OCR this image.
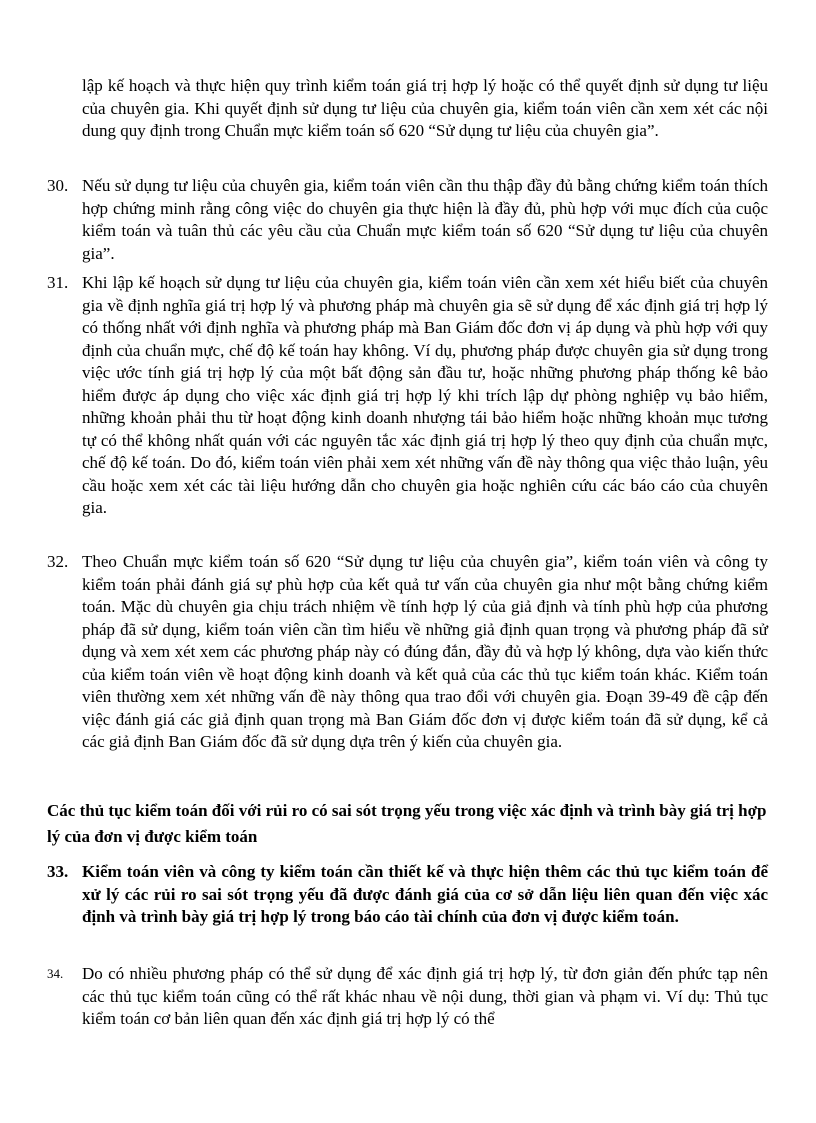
lập kế hoạch và thực hiện quy trình kiểm toán giá trị hợp lý hoặc có thể quyết định sử dụng tư liệu của chuyên gia. Khi quyết định sử dụng tư liệu của chuyên gia, kiểm toán viên cần xem xét các nội dung quy định trong Chuẩn mực kiểm toán số 620 “Sử dụng tư liệu của chuyên gia”.
30. Nếu sử dụng tư liệu của chuyên gia, kiểm toán viên cần thu thập đầy đủ bằng chứng kiểm toán thích hợp chứng minh rằng công việc do chuyên gia thực hiện là đầy đủ, phù hợp với mục đích của cuộc kiểm toán và tuân thủ các yêu cầu của Chuẩn mực kiểm toán số 620 “Sử dụng tư liệu của chuyên gia”.
31. Khi lập kế hoạch sử dụng tư liệu của chuyên gia, kiểm toán viên cần xem xét hiểu biết của chuyên gia về định nghĩa giá trị hợp lý và phương pháp mà chuyên gia sẽ sử dụng để xác định giá trị hợp lý có thống nhất với định nghĩa và phương pháp mà Ban Giám đốc đơn vị áp dụng và phù hợp với quy định của chuẩn mực, chế độ kế toán hay không. Ví dụ, phương pháp được chuyên gia sử dụng trong việc ước tính giá trị hợp lý của một bất động sản đầu tư, hoặc những phương pháp thống kê bảo hiểm được áp dụng cho việc xác định giá trị hợp lý khi trích lập dự phòng nghiệp vụ bảo hiểm, những khoản phải thu từ hoạt động kinh doanh nhượng tái bảo hiểm hoặc những khoản mục tương tự có thể không nhất quán với các nguyên tắc xác định giá trị hợp lý theo quy định của chuẩn mực, chế độ kế toán. Do đó, kiểm toán viên phải xem xét những vấn đề này thông qua việc thảo luận, yêu cầu hoặc xem xét các tài liệu hướng dẫn cho chuyên gia hoặc nghiên cứu các báo cáo của chuyên gia.
32. Theo Chuẩn mực kiểm toán số 620 “Sử dụng tư liệu của chuyên gia”, kiểm toán viên và công ty kiểm toán phải đánh giá sự phù hợp của kết quả tư vấn của chuyên gia như một bằng chứng kiểm toán. Mặc dù chuyên gia chịu trách nhiệm về tính hợp lý của giả định và tính phù hợp của phương pháp đã sử dụng, kiểm toán viên cần tìm hiểu về những giả định quan trọng và phương pháp đã sử dụng và xem xét xem các phương pháp này có đúng đắn, đầy đủ và hợp lý không, dựa vào kiến thức của kiểm toán viên về hoạt động kinh doanh và kết quả của các thủ tục kiểm toán khác. Kiểm toán viên thường xem xét những vấn đề này thông qua trao đổi với chuyên gia. Đoạn 39-49 đề cập đến việc đánh giá các giả định quan trọng mà Ban Giám đốc đơn vị được kiểm toán đã sử dụng, kể cả các giả định Ban Giám đốc đã sử dụng dựa trên ý kiến của chuyên gia.
Các thủ tục kiểm toán đối với rủi ro có sai sót trọng yếu trong việc xác định và trình bày giá trị hợp lý của đơn vị được kiểm toán
33. Kiểm toán viên và công ty kiểm toán cần thiết kế và thực hiện thêm các thủ tục kiểm toán để xử lý các rủi ro sai sót trọng yếu đã được đánh giá của cơ sở dẫn liệu liên quan đến việc xác định và trình bày giá trị hợp lý trong báo cáo tài chính của đơn vị được kiểm toán.
34. Do có nhiều phương pháp có thể sử dụng để xác định giá trị hợp lý, từ đơn giản đến phức tạp nên các thủ tục kiểm toán cũng có thể rất khác nhau về nội dung, thời gian và phạm vi. Ví dụ: Thủ tục kiểm toán cơ bản liên quan đến xác định giá trị hợp lý có thể
